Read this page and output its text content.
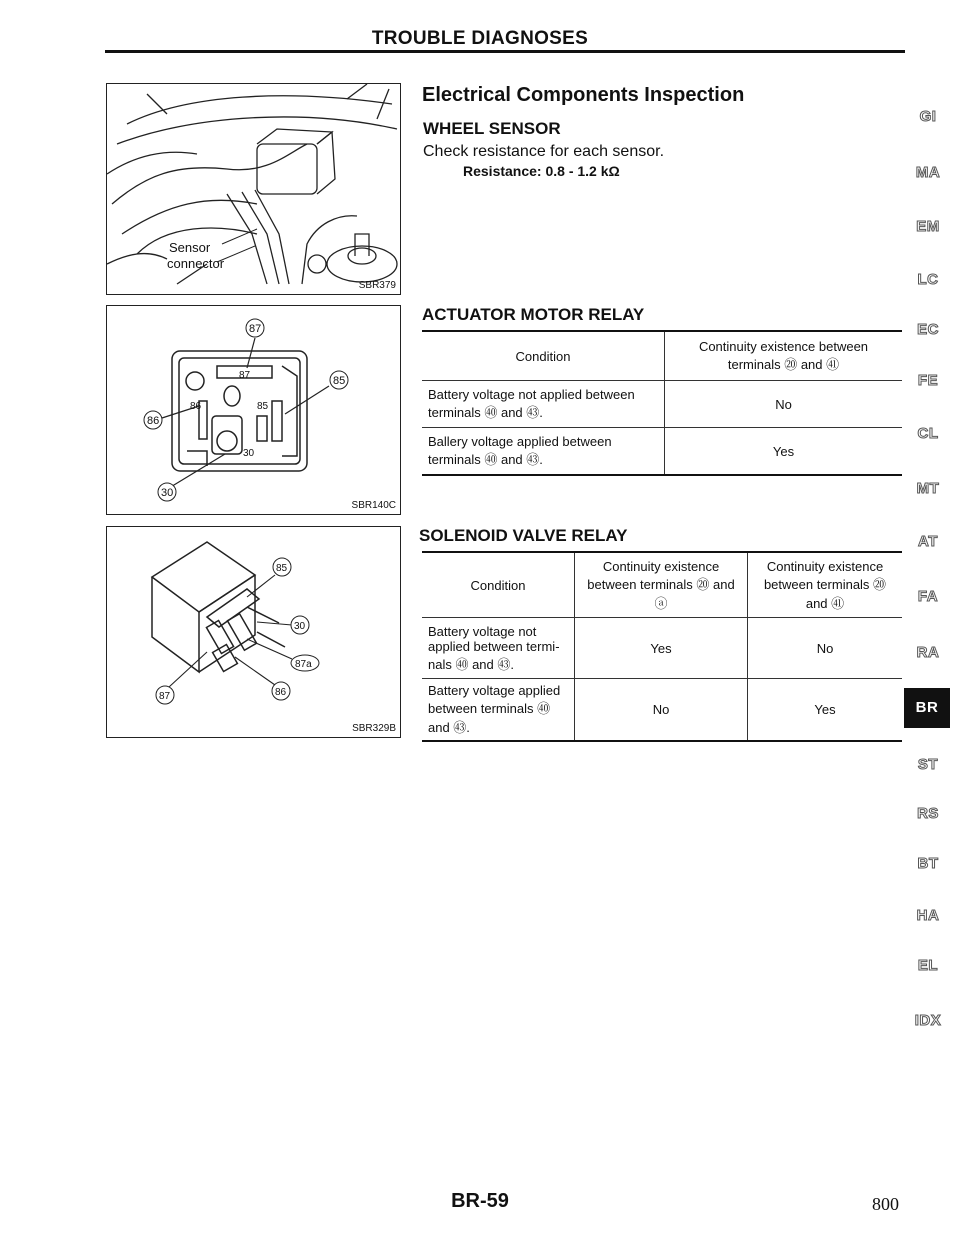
TROUBLE DIAGNOSES
Sensor
connector
SBR379
87
85
86
30
87
86	85
30
SBR140C
85
30
87a
86
87
SBR329B
Electrical Components Inspection
WHEEL SENSOR
Check resistance for each sensor.
Resistance: 0.8 - 1.2 kΩ
ACTUATOR MOTOR RELAY
Condition	Continuity existence between terminals ⑳ and ㊶
Battery voltage not applied between terminals ㊵ and ㊸.	No
Ballery voltage applied between terminals ㊵ and ㊸.	Yes
SOLENOID VALVE RELAY
Condition	Continuity existence between terminals ⑳ and ⓐ	Continuity existence between terminals ⑳ and ㊶
Battery voltage not applied between termi- nals ㊵ and ㊸.	Yes	No
Battery voltage applied between terminals ㊵ and ㊸.	No	Yes
GI
MA
EM
LC
EC
FE
CL
MT
AT
FA
RA
BR
ST
RS
BT
HA
EL
IDX
BR-59	800
